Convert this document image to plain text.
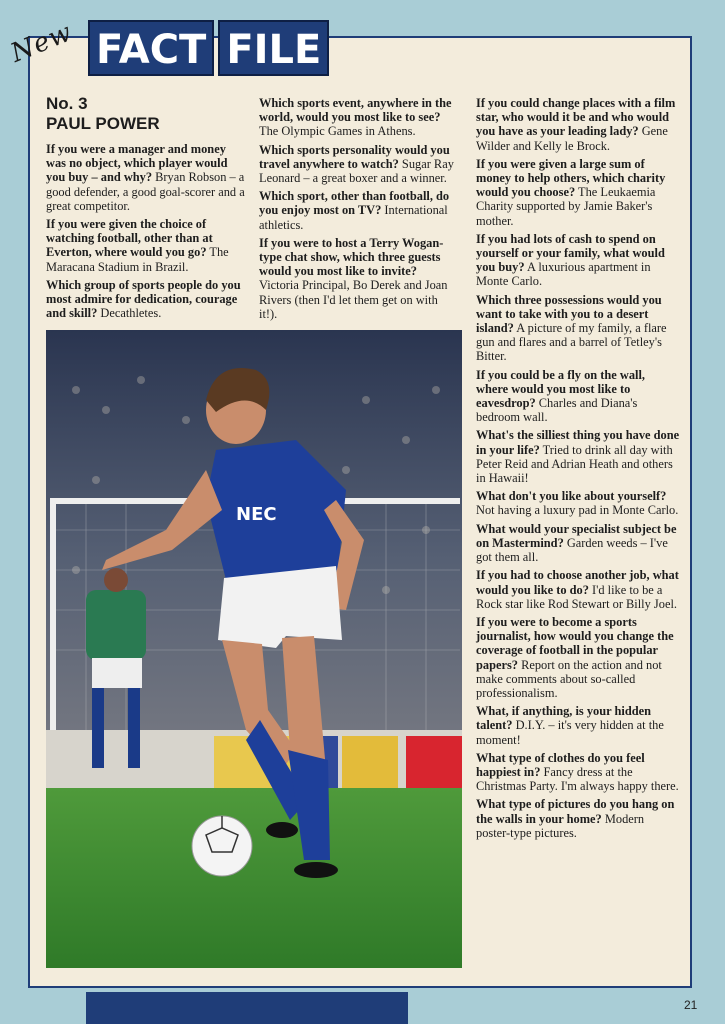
New FACT FILE
No. 3
PAUL POWER

If you were a manager and money was no object, which player would you buy – and why? Bryan Robson – a good defender, a good goal-scorer and a great competitor.

If you were given the choice of watching football, other than at Everton, where would you go? The Maracana Stadium in Brazil.

Which group of sports people do you most admire for dedication, courage and skill? Decathletes.

Which sports event, anywhere in the world, would you most like to see? The Olympic Games in Athens.

Which sports personality would you travel anywhere to watch? Sugar Ray Leonard – a great boxer and a winner.

Which sport, other than football, do you enjoy most on TV? International athletics.

If you were to host a Terry Wogan-type chat show, which three guests would you most like to invite? Victoria Principal, Bo Derek and Joan Rivers (then I'd let them get on with it!).

If you could change places with a film star, who would it be and who would you have as your leading lady? Gene Wilder and Kelly le Brock.

If you were given a large sum of money to help others, which charity would you choose? The Leukaemia Charity supported by Jamie Baker's mother.

If you had lots of cash to spend on yourself or your family, what would you buy? A luxurious apartment in Monte Carlo.

Which three possessions would you want to take with you to a desert island? A picture of my family, a flare gun and flares and a barrel of Tetley's Bitter.

If you could be a fly on the wall, where would you most like to eavesdrop? Charles and Diana's bedroom wall.

What's the silliest thing you have done in your life? Tried to drink all day with Peter Reid and Adrian Heath and others in Hawaii!

What don't you like about yourself? Not having a luxury pad in Monte Carlo.

What would your specialist subject be on Mastermind? Garden weeds – I've got them all.

If you had to choose another job, what would you like to do? I'd like to be a Rock star like Rod Stewart or Billy Joel.

If you were to become a sports journalist, how would you change the coverage of football in the popular papers? Report on the action and not make comments about so-called professionalism.

What, if anything, is your hidden talent? D.I.Y. – it's very hidden at the moment!

What type of clothes do you feel happiest in? Fancy dress at the Christmas Party. I'm always happy there.

What type of pictures do you hang on the walls in your home? Modern poster-type pictures.

NEC
21
